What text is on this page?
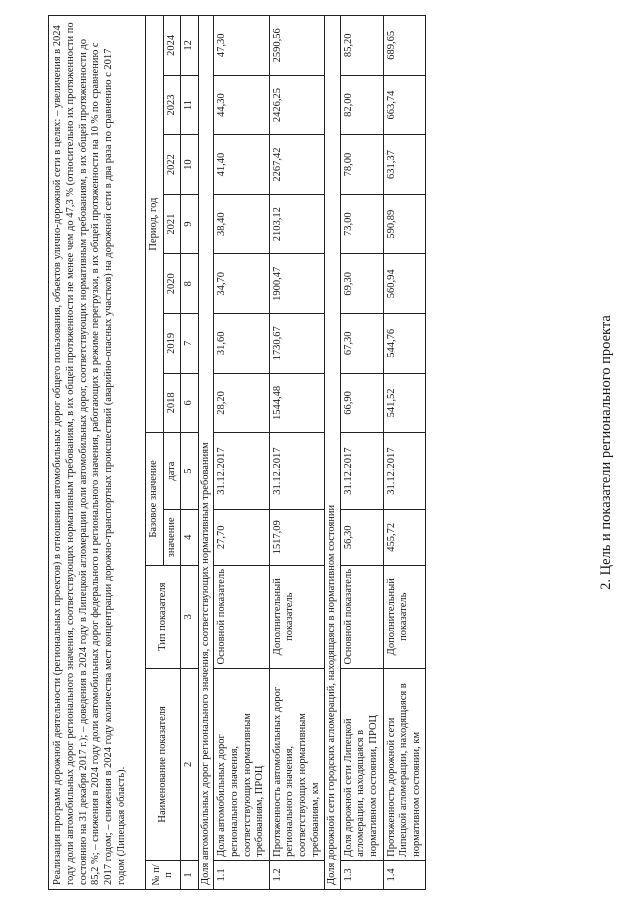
2. Цель и показатели регионального проекта
Реализация программ дорожной деятельности (региональных проектов) в отношении автомобильных дорог общего пользования, объектов улично-дорожной сети в целях: – увеличения в 2024 году доли автомобильных дорог регионального значения, соответствующих нормативным требованиям, в их общей протяженности не менее чем до 47,3 % (относительно их протяженности по состоянию на 31 декабря 2017 г.); – доведения в 2024 году в Липецкой агломерации доли автомобильных дорог, соответствующих нормативным требованиям, в их общей протяженности до 85,2 %; – снижения в 2024 году доли автомобильных дорог федерального и регионального значения, работающих в режиме перегрузки, в их общей протяженности на 10 % по сравнению с 2017 годом; – снижения в 2024 году количества мест концентрации дорожно-транспортных происшествий (аварийно-опасных участков) на дорожной сети в два раза по сравнению с 2017 годом (Липецкая область).											
№ п/п	Наименование показателя	Тип показателя	Базовое значение		Период, год						
			значение	дата	2018	2019	2020	2021	2022	2023	2024
1	2	3	4	5	6	7	8	9	10	11	12
Доля автомобильных дорог регионального значения, соответствующих нормативным требованиям											
1.1	Доля автомобильных дорог регионального значения, соответствующих нормативным требованиям, ПРОЦ	Основной показатель	27,70	31.12.2017	28,20	31,60	34,70	38,40	41,40	44,30	47,30
1.2	Протяженность автомобильных дорог регионального значения, соответствующих нормативным требованиям, км	Дополнительный показатель	1517,09	31.12.2017	1544,48	1730,67	1900,47	2103,12	2267,42	2426,25	2590,56
Доля дорожной сети городских агломераций, находящаяся в нормативном состоянии											
1.3	Доля дорожной сети Липецкой агломерации, находящаяся в нормативном состоянии, ПРОЦ	Основной показатель	56,30	31.12.2017	66,90	67,30	69,30	73,00	78,00	82,00	85,20
1.4	Протяженность дорожной сети Липецкой агломерации, находящаяся в нормативном состоянии, км	Дополнительный показатель	455,72	31.12.2017	541,52	544,76	560,94	590,89	631,37	663,74	689,65
